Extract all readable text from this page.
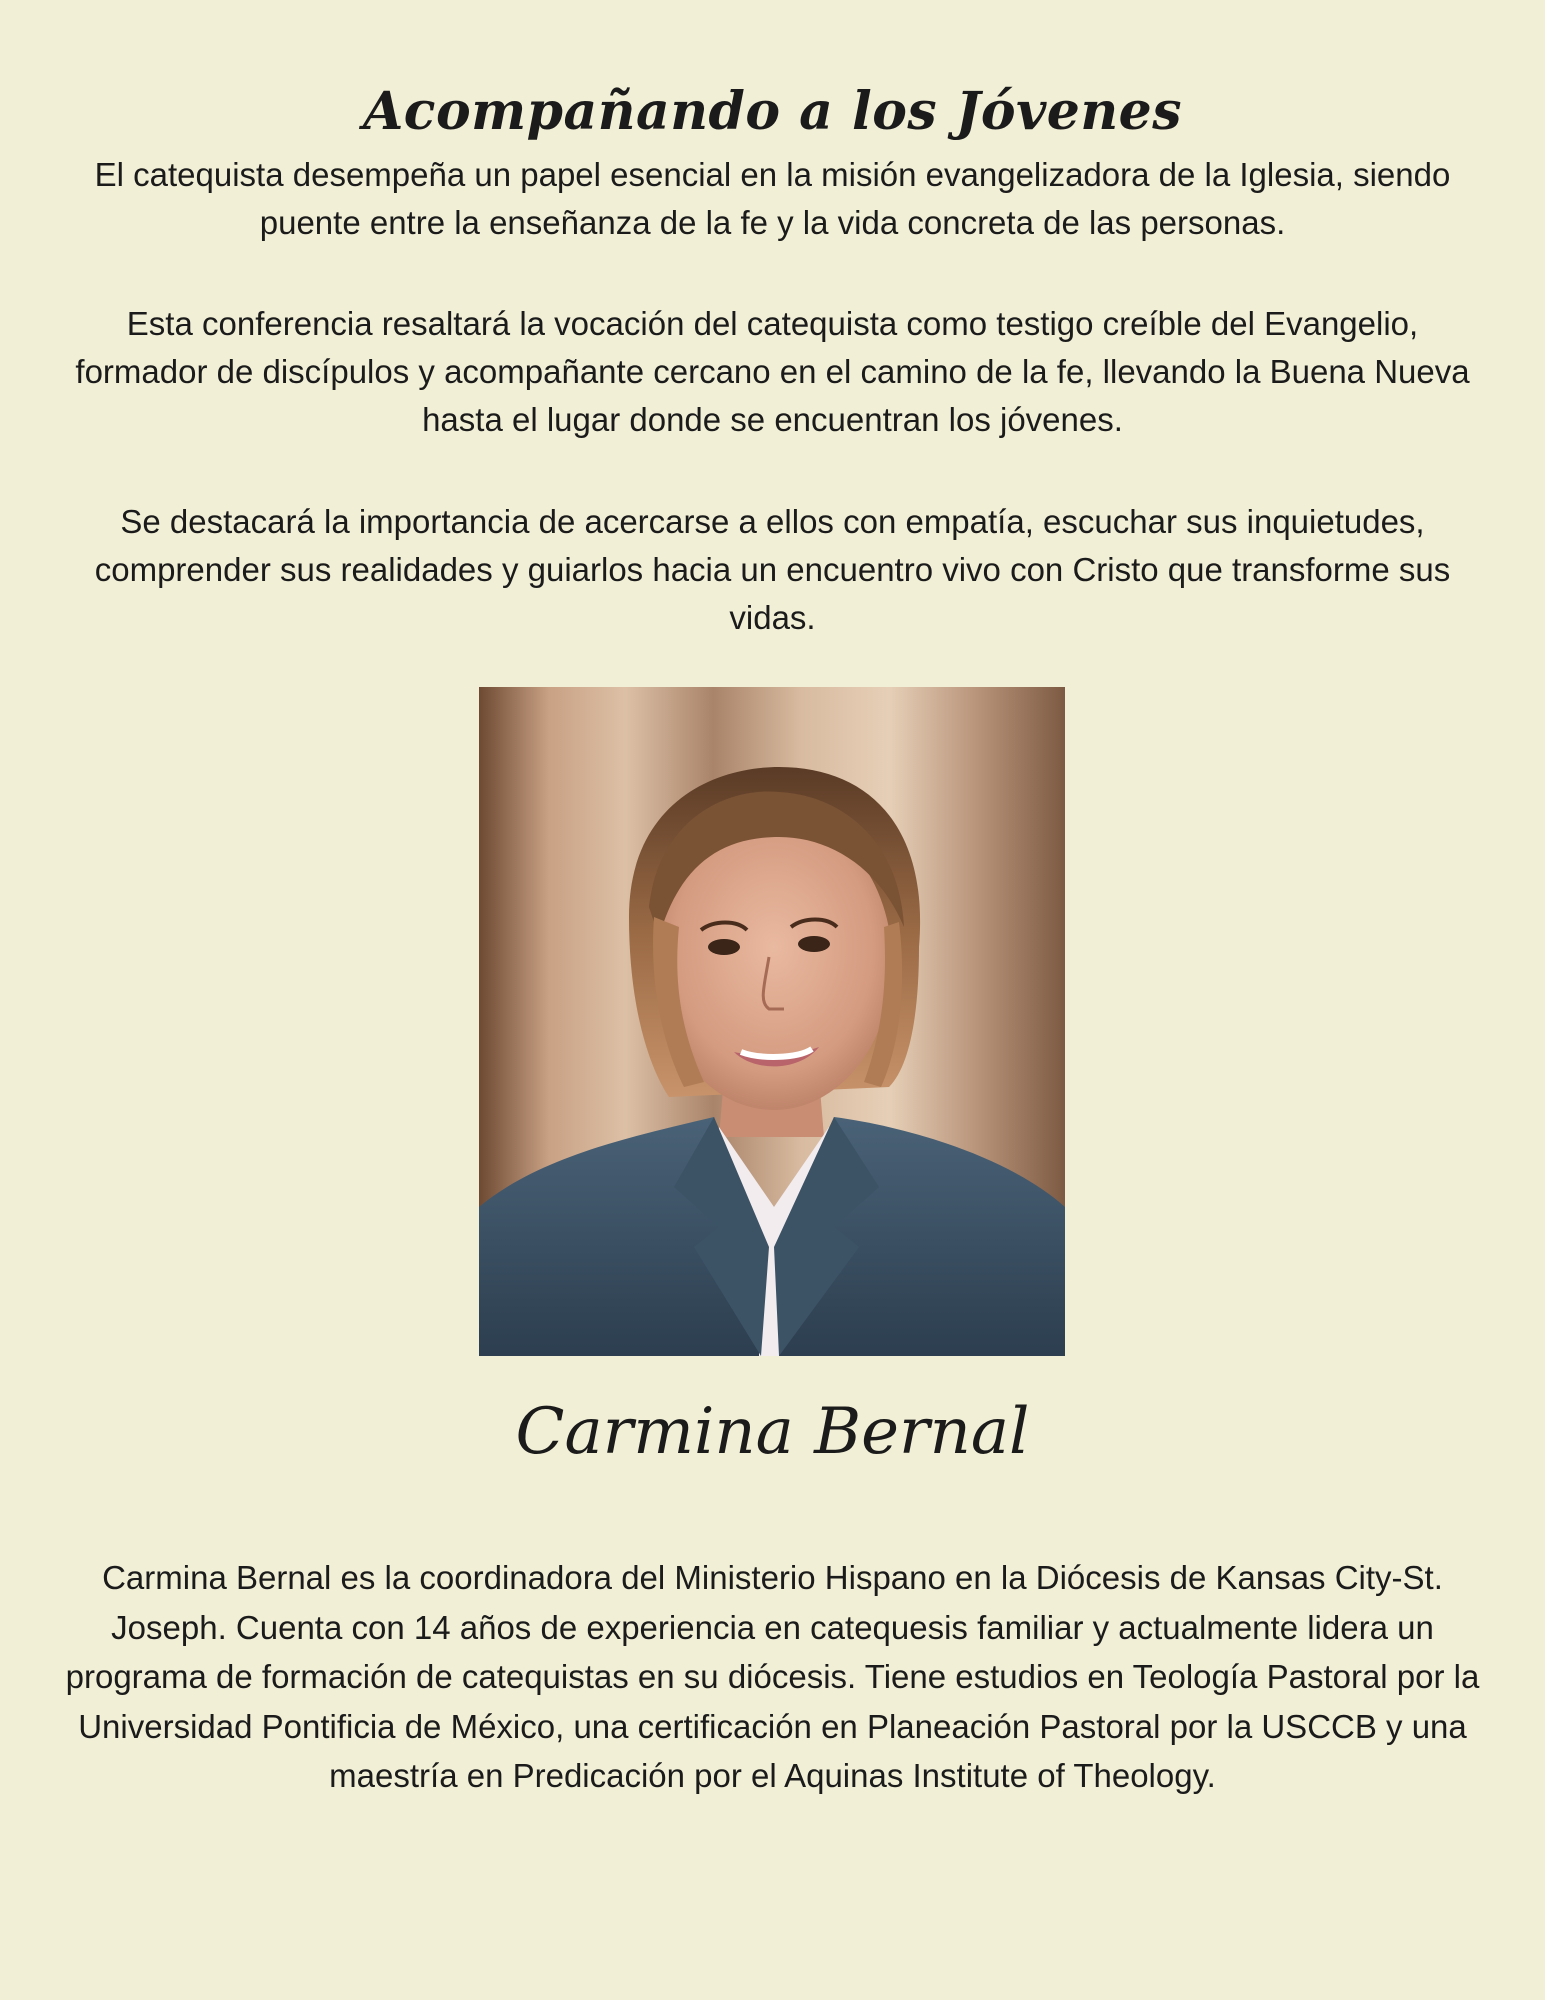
Acompañando a los Jóvenes

El catequista desempeña un papel esencial en la misión evangelizadora de la Iglesia, siendo puente entre la enseñanza de la fe y la vida concreta de las personas.

Esta conferencia resaltará la vocación del catequista como testigo creíble del Evangelio, formador de discípulos y acompañante cercano en el camino de la fe, llevando la Buena Nueva hasta el lugar donde se encuentran los jóvenes.

Se destacará la importancia de acercarse a ellos con empatía, escuchar sus inquietudes, comprender sus realidades y guiarlos hacia un encuentro vivo con Cristo que transforme sus vidas.

Carmina Bernal

Carmina Bernal es la coordinadora del Ministerio Hispano en la Diócesis de Kansas City-St. Joseph. Cuenta con 14 años de experiencia en catequesis familiar y actualmente lidera un programa de formación de catequistas en su diócesis. Tiene estudios en Teología Pastoral por la Universidad Pontificia de México, una certificación en Planeación Pastoral por la USCCB y una maestría en Predicación por el Aquinas Institute of Theology.
